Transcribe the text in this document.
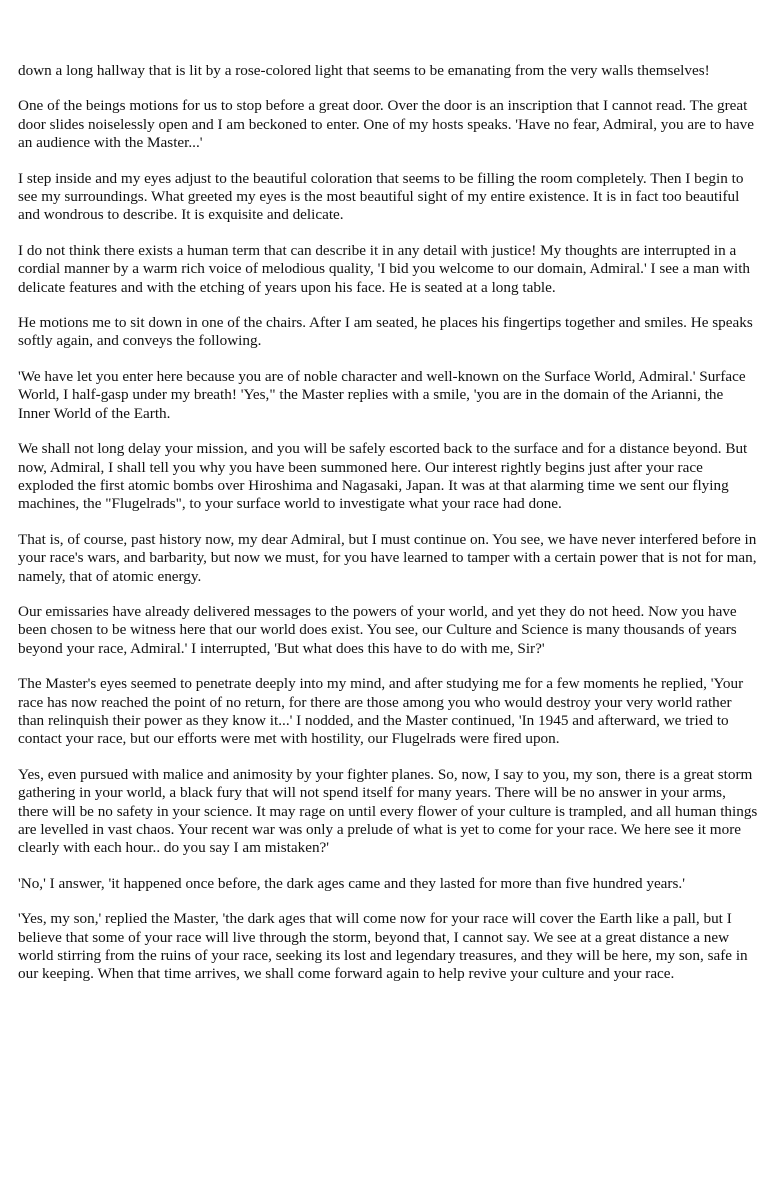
down a long hallway that is lit by a rose-colored light that seems to be emanating from the very walls themselves!

One of the beings motions for us to stop before a great door. Over the door is an inscription that I cannot read. The great door slides noiselessly open and I am beckoned to enter. One of my hosts speaks. 'Have no fear, Admiral, you are to have an audience with the Master...'

I step inside and my eyes adjust to the beautiful coloration that seems to be filling the room completely. Then I begin to see my surroundings. What greeted my eyes is the most beautiful sight of my entire existence. It is in fact too beautiful and wondrous to describe. It is exquisite and delicate.

I do not think there exists a human term that can describe it in any detail with justice! My thoughts are interrupted in a cordial manner by a warm rich voice of melodious quality, 'I bid you welcome to our domain, Admiral.' I see a man with delicate features and with the etching of years upon his face. He is seated at a long table.

He motions me to sit down in one of the chairs. After I am seated, he places his fingertips together and smiles. He speaks softly again, and conveys the following.

'We have let you enter here because you are of noble character and well-known on the Surface World, Admiral.' Surface World, I half-gasp under my breath! 'Yes," the Master replies with a smile, 'you are in the domain of the Arianni, the Inner World of the Earth.

We shall not long delay your mission, and you will be safely escorted back to the surface and for a distance beyond. But now, Admiral, I shall tell you why you have been summoned here. Our interest rightly begins just after your race exploded the first atomic bombs over Hiroshima and Nagasaki, Japan. It was at that alarming time we sent our flying machines, the "Flugelrads", to your surface world to investigate what your race had done.

That is, of course, past history now, my dear Admiral, but I must continue on. You see, we have never interfered before in your race's wars, and barbarity, but now we must, for you have learned to tamper with a certain power that is not for man, namely, that of atomic energy.

Our emissaries have already delivered messages to the powers of your world, and yet they do not heed. Now you have been chosen to be witness here that our world does exist. You see, our Culture and Science is many thousands of years beyond your race, Admiral.' I interrupted, 'But what does this have to do with me, Sir?'

The Master's eyes seemed to penetrate deeply into my mind, and after studying me for a few moments he replied, 'Your race has now reached the point of no return, for there are those among you who would destroy your very world rather than relinquish their power as they know it...' I nodded, and the Master continued, 'In 1945 and afterward, we tried to contact your race, but our efforts were met with hostility, our Flugelrads were fired upon.

Yes, even pursued with malice and animosity by your fighter planes. So, now, I say to you, my son, there is a great storm gathering in your world, a black fury that will not spend itself for many years. There will be no answer in your arms, there will be no safety in your science. It may rage on until every flower of your culture is trampled, and all human things are levelled in vast chaos. Your recent war was only a prelude of what is yet to come for your race. We here see it more clearly with each hour.. do you say I am mistaken?'

'No,' I answer, 'it happened once before, the dark ages came and they lasted for more than five hundred years.'

'Yes, my son,' replied the Master, 'the dark ages that will come now for your race will cover the Earth like a pall, but I believe that some of your race will live through the storm, beyond that, I cannot say. We see at a great distance a new world stirring from the ruins of your race, seeking its lost and legendary treasures, and they will be here, my son, safe in our keeping. When that time arrives, we shall come forward again to help revive your culture and your race.
